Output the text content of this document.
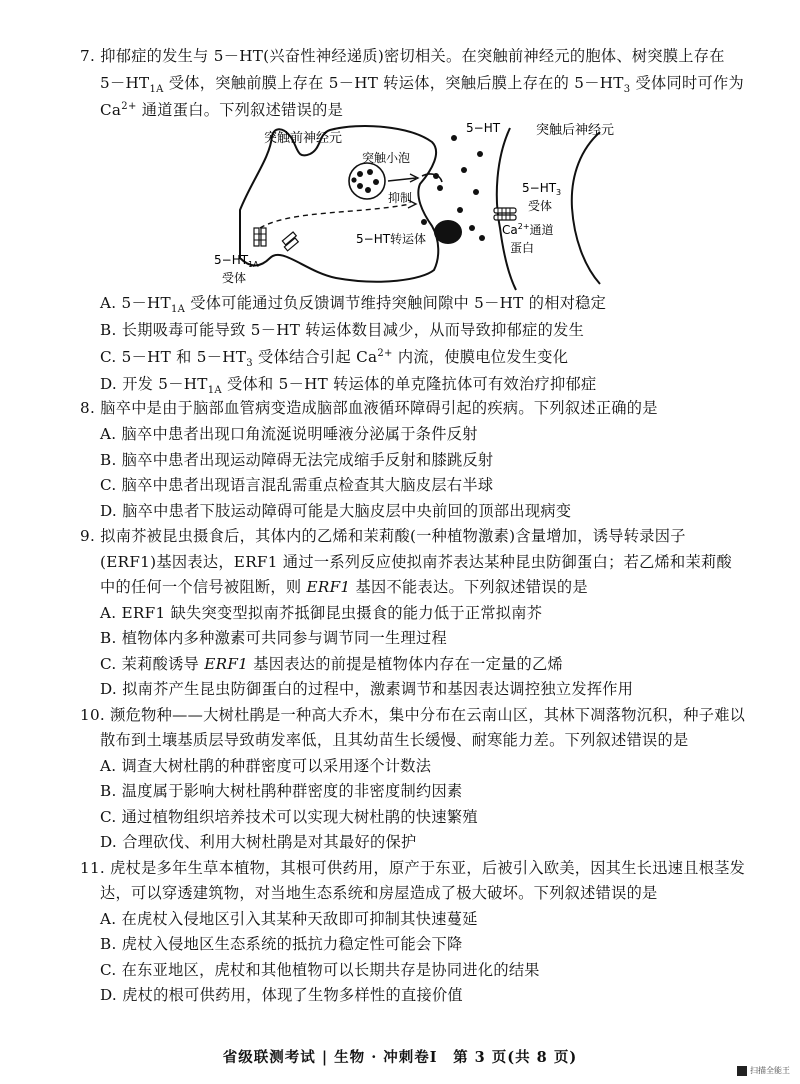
7. 抑郁症的发生与 5－HT(兴奋性神经递质)密切相关。在突触前神经元的胞体、树突膜上存在
$5-HT_{1A}$ 受体，突触前膜上存在 5－HT 转运体，突触后膜上存在的 $5-HT_3$ 受体同时可作为
$Ca^{2+}$ 通道蛋白。下列叙述错误的是
突触前神经元
突触后神经元
5−HT
突触小泡
抑制
5−HT转运体
$5-HT_3$
受体
$Ca^{2+}$通道
蛋白
$5-HT_{1A}$
受体
A. $5-HT_{1A}$ 受体可能通过负反馈调节维持突触间隙中 5－HT 的相对稳定
B. 长期吸毒可能导致 5－HT 转运体数目减少，从而导致抑郁症的发生
C. 5－HT 和 $5-HT_3$ 受体结合引起 $Ca^{2+}$ 内流，使膜电位发生变化
D. 开发 $5-HT_{1A}$ 受体和 5－HT 转运体的单克隆抗体可有效治疗抑郁症
8. 脑卒中是由于脑部血管病变造成脑部血液循环障碍引起的疾病。下列叙述正确的是
A. 脑卒中患者出现口角流涎说明唾液分泌属于条件反射
B. 脑卒中患者出现运动障碍无法完成缩手反射和膝跳反射
C. 脑卒中患者出现语言混乱需重点检查其大脑皮层右半球
D. 脑卒中患者下肢运动障碍可能是大脑皮层中央前回的顶部出现病变
9. 拟南芥被昆虫摄食后，其体内的乙烯和茉莉酸(一种植物激素)含量增加，诱导转录因子
(ERF1)基因表达，ERF1 通过一系列反应使拟南芥表达某种昆虫防御蛋白；若乙烯和茉莉酸
中的任何一个信号被阻断，则 ERF1 基因不能表达。下列叙述错误的是
A. ERF1 缺失突变型拟南芥抵御昆虫摄食的能力低于正常拟南芥
B. 植物体内多种激素可共同参与调节同一生理过程
C. 茉莉酸诱导 ERF1 基因表达的前提是植物体内存在一定量的乙烯
D. 拟南芥产生昆虫防御蛋白的过程中，激素调节和基因表达调控独立发挥作用
10. 濒危物种——大树杜鹃是一种高大乔木，集中分布在云南山区，其林下凋落物沉积，种子难以
散布到土壤基质层导致萌发率低，且其幼苗生长缓慢、耐寒能力差。下列叙述错误的是
A. 调查大树杜鹃的种群密度可以采用逐个计数法
B. 温度属于影响大树杜鹃种群密度的非密度制约因素
C. 通过植物组织培养技术可以实现大树杜鹃的快速繁殖
D. 合理砍伐、利用大树杜鹃是对其最好的保护
11. 虎杖是多年生草本植物，其根可供药用，原产于东亚，后被引入欧美，因其生长迅速且根茎发
达，可以穿透建筑物，对当地生态系统和房屋造成了极大破坏。下列叙述错误的是
A. 在虎杖入侵地区引入其某种天敌即可抑制其快速蔓延
B. 虎杖入侵地区生态系统的抵抗力稳定性可能会下降
C. 在东亚地区，虎杖和其他植物可以长期共存是协同进化的结果
D. 虎杖的根可供药用，体现了生物多样性的直接价值
省级联测考试 | 生物 · 冲刺卷Ⅰ　第 3 页(共 8 页)
扫描全能王
